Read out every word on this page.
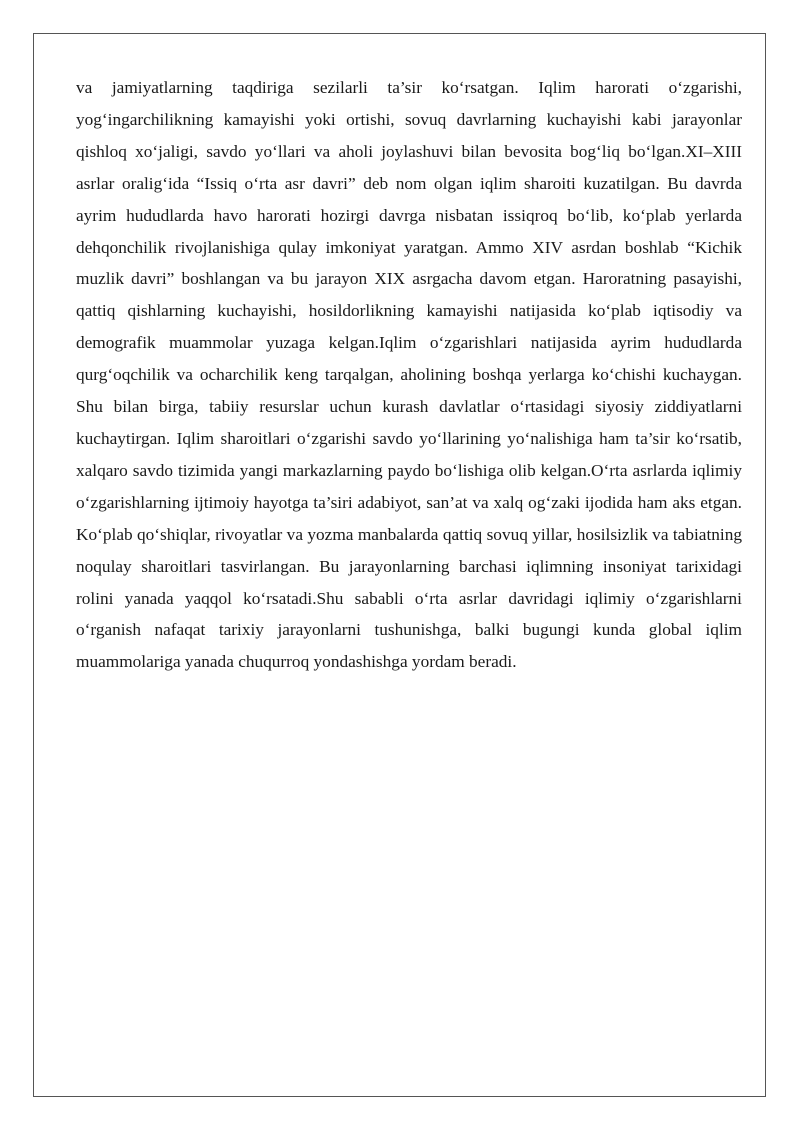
va jamiyatlarning taqdiriga sezilarli ta’sir ko‘rsatgan. Iqlim harorati o‘zgarishi, yog‘ingarchilikning kamayishi yoki ortishi, sovuq davrlarning kuchayishi kabi jarayonlar qishloq xo‘jaligi, savdo yo‘llari va aholi joylashuvi bilan bevosita bog‘liq bo‘lgan.XI–XIII asrlar oralig‘ida “Issiq o‘rta asr davri” deb nom olgan iqlim sharoiti kuzatilgan. Bu davrda ayrim hududlarda havo harorati hozirgi davrga nisbatan issiqroq bo‘lib, ko‘plab yerlarda dehqonchilik rivojlanishiga qulay imkoniyat yaratgan. Ammo XIV asrdan boshlab “Kichik muzlik davri” boshlangan va bu jarayon XIX asrgacha davom etgan. Haroratning pasayishi, qattiq qishlarning kuchayishi, hosildorlikning kamayishi natijasida ko‘plab iqtisodiy va demografik muammolar yuzaga kelgan.Iqlim o‘zgarishlari natijasida ayrim hududlarda qurg‘oqchilik va ocharchilik keng tarqalgan, aholining boshqa yerlarga ko‘chishi kuchaygan. Shu bilan birga, tabiiy resurslar uchun kurash davlatlar o‘rtasidagi siyosiy ziddiyatlarni kuchaytirgan. Iqlim sharoitlari o‘zgarishi savdo yo‘llarining yo‘nalishiga ham ta’sir ko‘rsatib, xalqaro savdo tizimida yangi markazlarning paydo bo‘lishiga olib kelgan.O‘rta asrlarda iqlimiy o‘zgarishlarning ijtimoiy hayotga ta’siri adabiyot, san’at va xalq og‘zaki ijodida ham aks etgan. Ko‘plab qo‘shiqlar, rivoyatlar va yozma manbalarda qattiq sovuq yillar, hosilsizlik va tabiatning noqulay sharoitlari tasvirlangan. Bu jarayonlarning barchasi iqlimning insoniyat tarixidagi rolini yanada yaqqol ko‘rsatadi.Shu sababli o‘rta asrlar davridagi iqlimiy o‘zgarishlarni o‘rganish nafaqat tarixiy jarayonlarni tushunishga, balki bugungi kunda global iqlim muammolariga yanada chuqurroq yondashishga yordam beradi.
